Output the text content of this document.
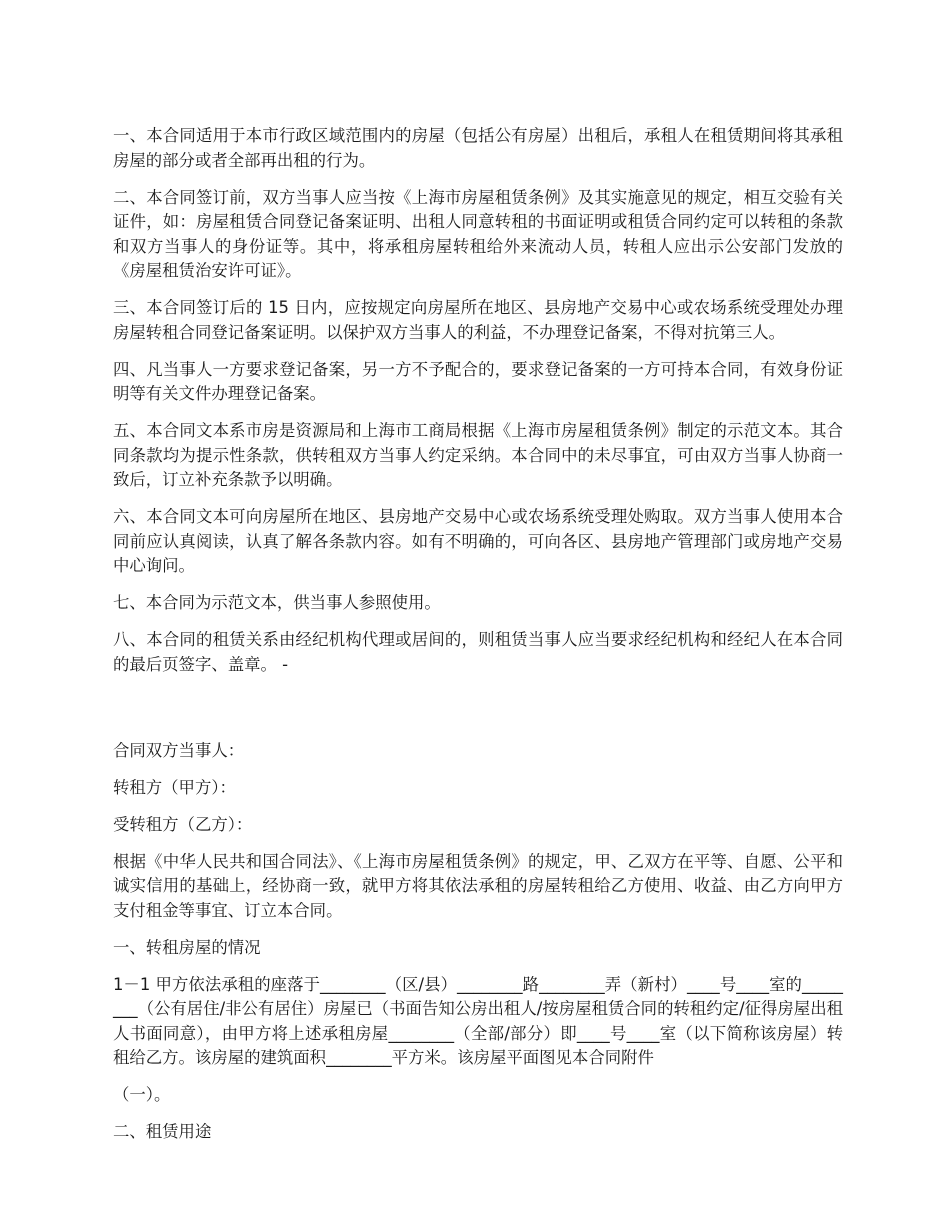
一、本合同适用于本市行政区域范围内的房屋（包括公有房屋）出租后，承租人在租赁期间将其承租房屋的部分或者全部再出租的行为。

二、本合同签订前，双方当事人应当按《上海市房屋租赁条例》及其实施意见的规定，相互交验有关证件，如：房屋租赁合同登记备案证明、出租人同意转租的书面证明或租赁合同约定可以转租的条款和双方当事人的身份证等。其中，将承租房屋转租给外来流动人员，转租人应出示公安部门发放的《房屋租赁治安许可证》。

三、本合同签订后的 15 日内，应按规定向房屋所在地区、县房地产交易中心或农场系统受理处办理房屋转租合同登记备案证明。以保护双方当事人的利益，不办理登记备案，不得对抗第三人。

四、凡当事人一方要求登记备案，另一方不予配合的，要求登记备案的一方可持本合同，有效身份证明等有关文件办理登记备案。

五、本合同文本系市房是资源局和上海市工商局根据《上海市房屋租赁条例》制定的示范文本。其合同条款均为提示性条款，供转租双方当事人约定采纳。本合同中的未尽事宜，可由双方当事人协商一致后，订立补充条款予以明确。

六、本合同文本可向房屋所在地区、县房地产交易中心或农场系统受理处购取。双方当事人使用本合同前应认真阅读，认真了解各条款内容。如有不明确的，可向各区、县房地产管理部门或房地产交易中心询问。

七、本合同为示范文本，供当事人参照使用。

八、本合同的租赁关系由经纪机构代理或居间的，则租赁当事人应当要求经纪机构和经纪人在本合同的最后页签字、盖章。 -

合同双方当事人：

转租方（甲方）：

受转租方（乙方）：

根据《中华人民共和国合同法》、《上海市房屋租赁条例》的规定，甲、乙双方在平等、自愿、公平和诚实信用的基础上，经协商一致，就甲方将其依法承租的房屋转租给乙方使用、收益、由乙方向甲方支付租金等事宜、订立本合同。

一、转租房屋的情况

1－1 甲方依法承租的座落于________（区/县）________路________弄（新村）____号____室的________（公有居住/非公有居住）房屋已（书面告知公房出租人/按房屋租赁合同的转租约定/征得房屋出租人书面同意），由甲方将上述承租房屋________（全部/部分）即____号____室（以下简称该房屋）转租给乙方。该房屋的建筑面积________平方米。该房屋平面图见本合同附件

（一）。

二、租赁用途
